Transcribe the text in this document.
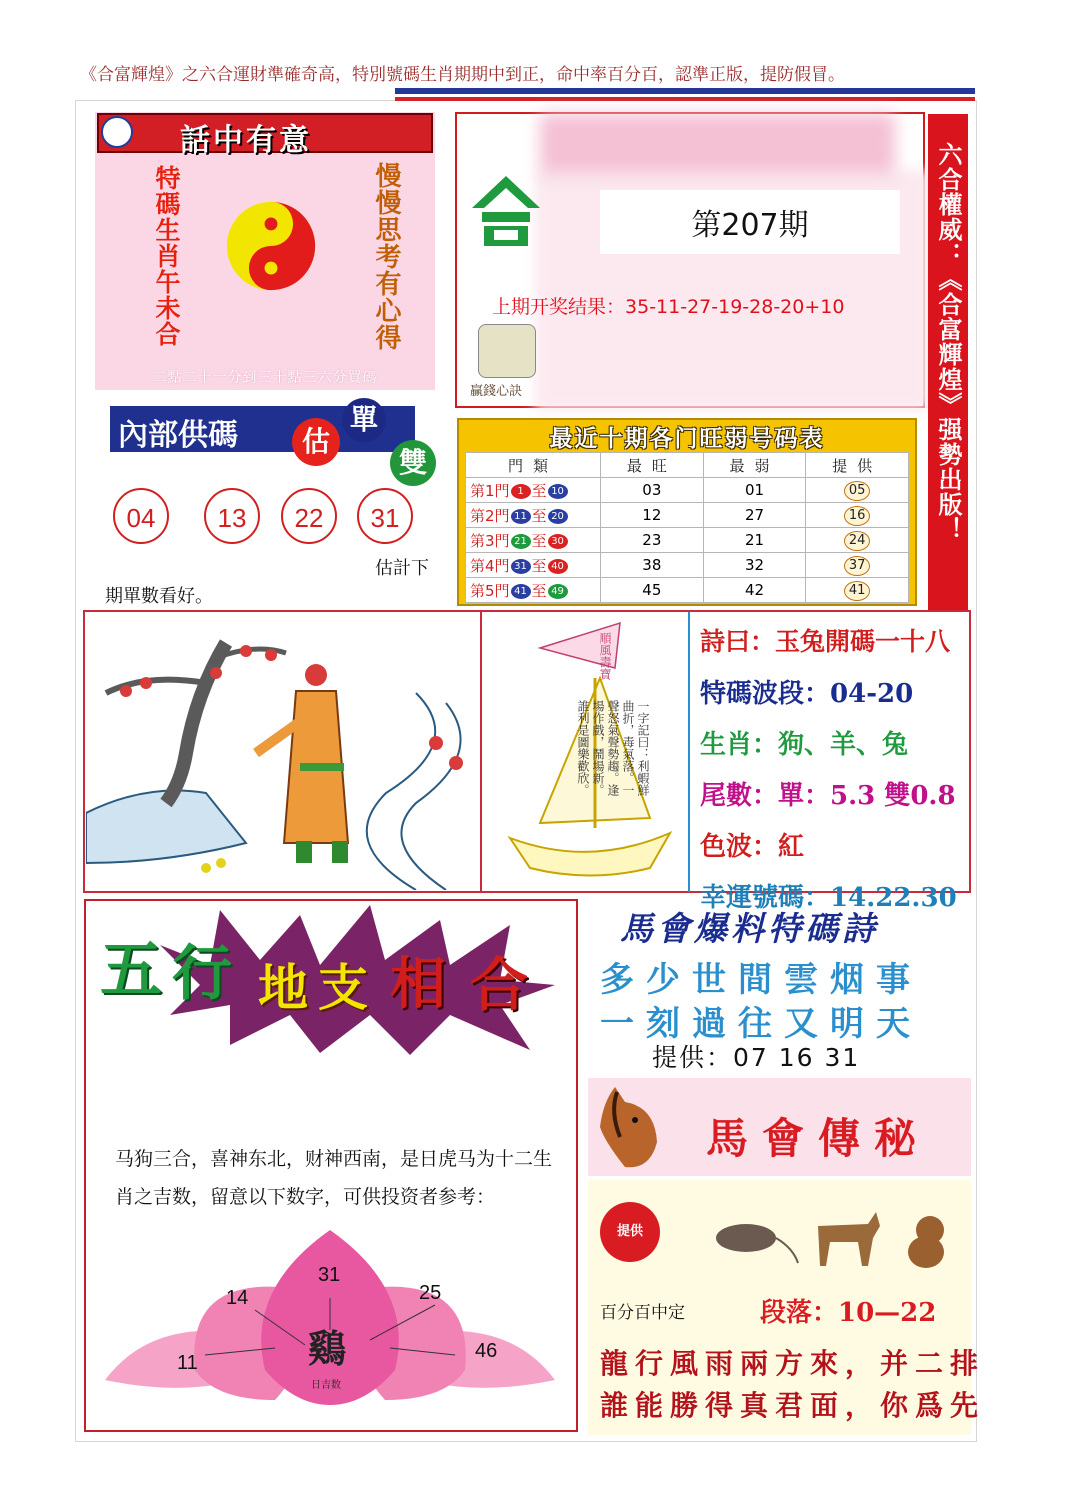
《合富輝煌》之六合運財準確奇高，特別號碼生肖期期中到正，命中率百分百，認準正版，提防假冒。
話中有意
特碼生肖午未合	慢慢思考有心得
二點二十一分到三十點三六分買碼
內部供碼	估
單
雙
04	13	22	31
估計下
期單數看好。
第207期
上期开奖结果：35-11-27-19-28-20+10
贏錢心訣	六合權威：《合富輝煌》强勢出版！
最近十期各门旺弱号码表
門類	最旺	最弱	提供
第1門 1 至 10	03	01	05
第2門 11 至 20	12	27	16
第3門 21 至 30	23	21	24
第4門 31 至 40	38	32	37
第5門 41 至 49	45	42	41
順風壽寶
一字記曰：利蝦鮮曲折，毒氣落。一聲怒氣聲勢趨。逢場作戲，鬧場新。誰利是圖樂歡欣。
詩曰：玉兔開碼一十八
特碼波段：04-20
生肖：狗、羊、兔
尾數：單：5.3 雙0.8
色波：紅
幸運號碼：14.22.30
五 行 地 支 相 合
马狗三合，喜神东北，财神西南，是日虎马为十二生肖之吉数，留意以下数字，可供投资者参考：
31
14	25
11
46
鷄
日吉数
馬會爆料特碼詩
多少世間雲烟事
一刻過往又明天
提供：07 16 31
馬會傳秘
提供
百分百中定	段落：10—22
龍行風雨兩方來，并二排
誰能勝得真君面，你爲先
